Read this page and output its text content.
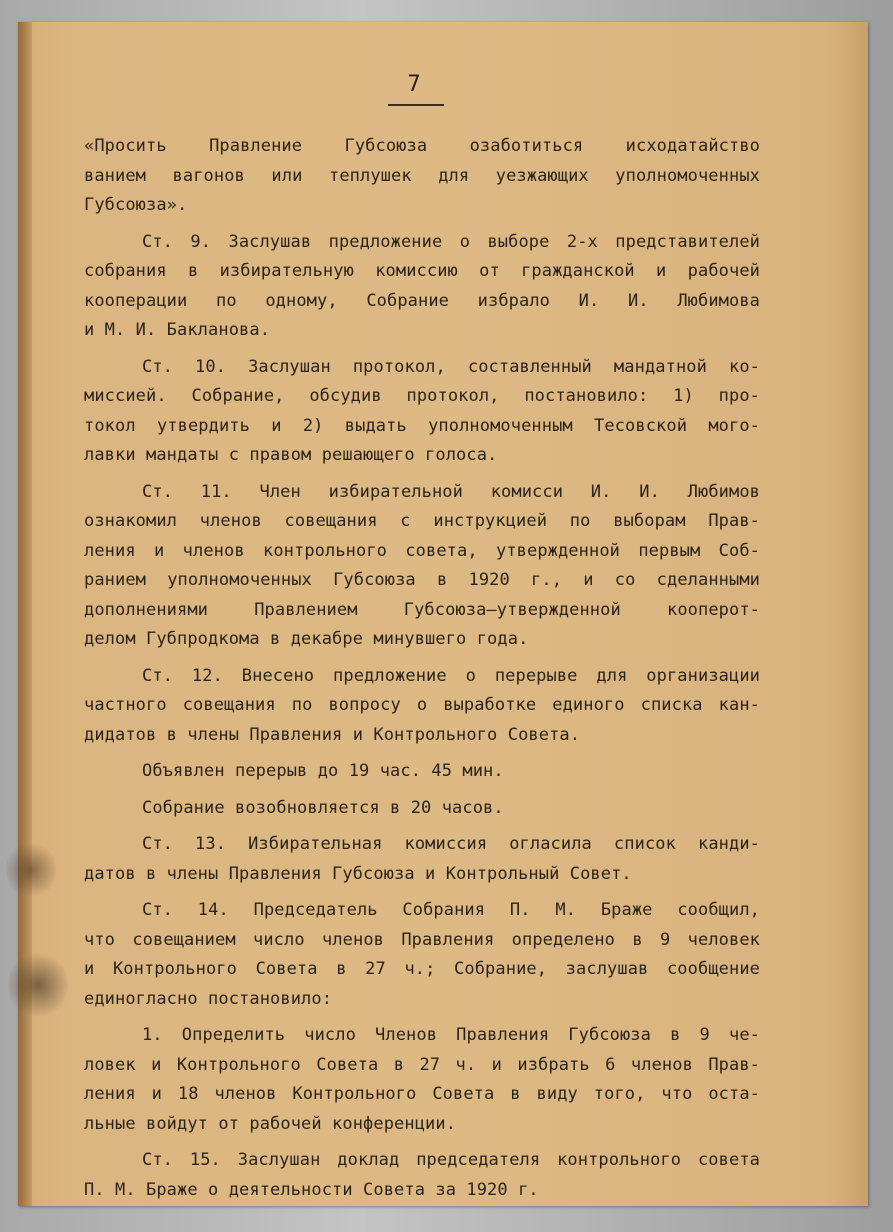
7
«Просить Правление Губсоюза озаботиться исходатайство
ванием вагонов или теплушек для уезжающих уполномоченных
Губсоюза».
Ст. 9. Заслушав предложение о выборе 2-х представителей
собрания в избирательную комиссию от гражданской и рабочей
кооперации по одному, Собрание избрало И. И. Любимова
и М. И. Бакланова.
Ст. 10. Заслушан протокол, составленный мандатной ко-
миссией. Собрание, обсудив протокол, постановило: 1) про-
токол утвердить и 2) выдать уполномоченным Тесовской мого-
лавки мандаты с правом решающего голоса.
Ст. 11. Член избирательной комисси И. И. Любимов
ознакомил членов совещания с инструкцией по выборам Прав-
ления и членов контрольного совета, утвержденной первым Соб-
ранием уполномоченных Губсоюза в 1920 г., и со сделанными
дополнениями Правлением Губсоюза—утвержденной кооперот-
делом Губпродкома в декабре минувшего года.
Ст. 12. Внесено предложение о перерыве для организации
частного совещания по вопросу о выработке единого списка кан-
дидатов в члены Правления и Контрольного Совета.
Объявлен перерыв до 19 час. 45 мин.
Собрание возобновляется в 20 часов.
Ст. 13. Избирательная комиссия огласила список канди-
датов в члены Правления Губсоюза и Контрольный Совет.
Ст. 14. Председатель Собрания П. М. Браже сообщил,
что совещанием число членов Правления определено в 9 человек
и Контрольного Совета в 27 ч.; Собрание, заслушав сообщение
единогласно постановило:
1. Определить число Членов Правления Губсоюза в 9 че-
ловек и Контрольного Совета в 27 ч. и избрать 6 членов Прав-
ления и 18 членов Контрольного Совета в виду того, что оста-
льные войдут от рабочей конференции.
Ст. 15. Заслушан доклад председателя контрольного совета
П. М. Браже о деятельности Совета за 1920 г.
